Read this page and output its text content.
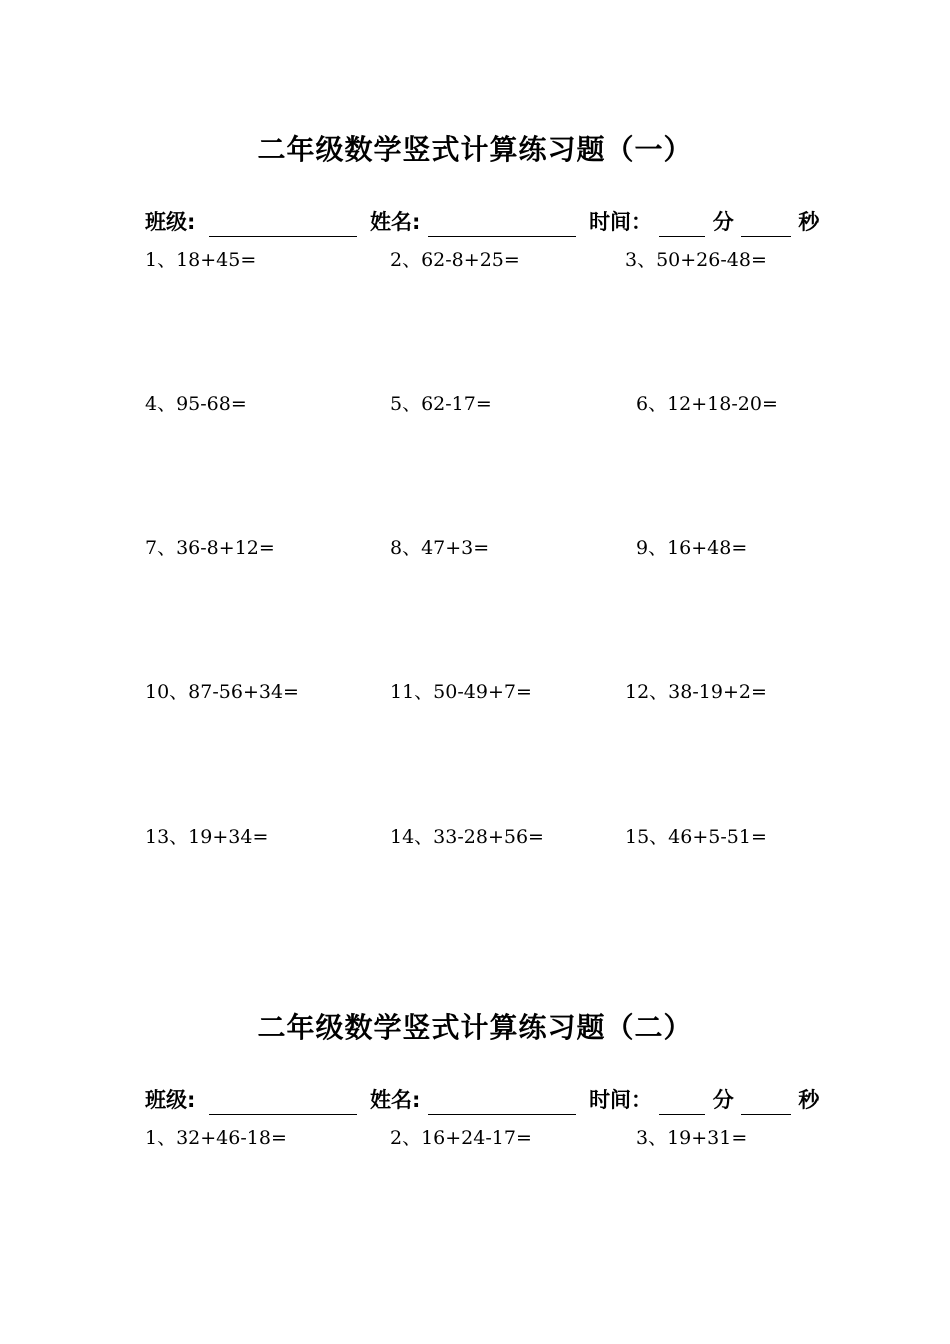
二年级数学竖式计算练习题（一）
班级:	姓名:	时间：	分	秒
1、18+45=	2、62-8+25=	3、50+26-48=
4、95-68=	5、62-17=	6、12+18-20=
7、36-8+12=	8、47+3=	9、16+48=
10、87-56+34=	11、50-49+7=	12、38-19+2=
13、19+34=	14、33-28+56=	15、46+5-51=
二年级数学竖式计算练习题（二）
班级:	姓名:	时间：	分	秒
1、32+46-18=	2、16+24-17=	3、19+31=
